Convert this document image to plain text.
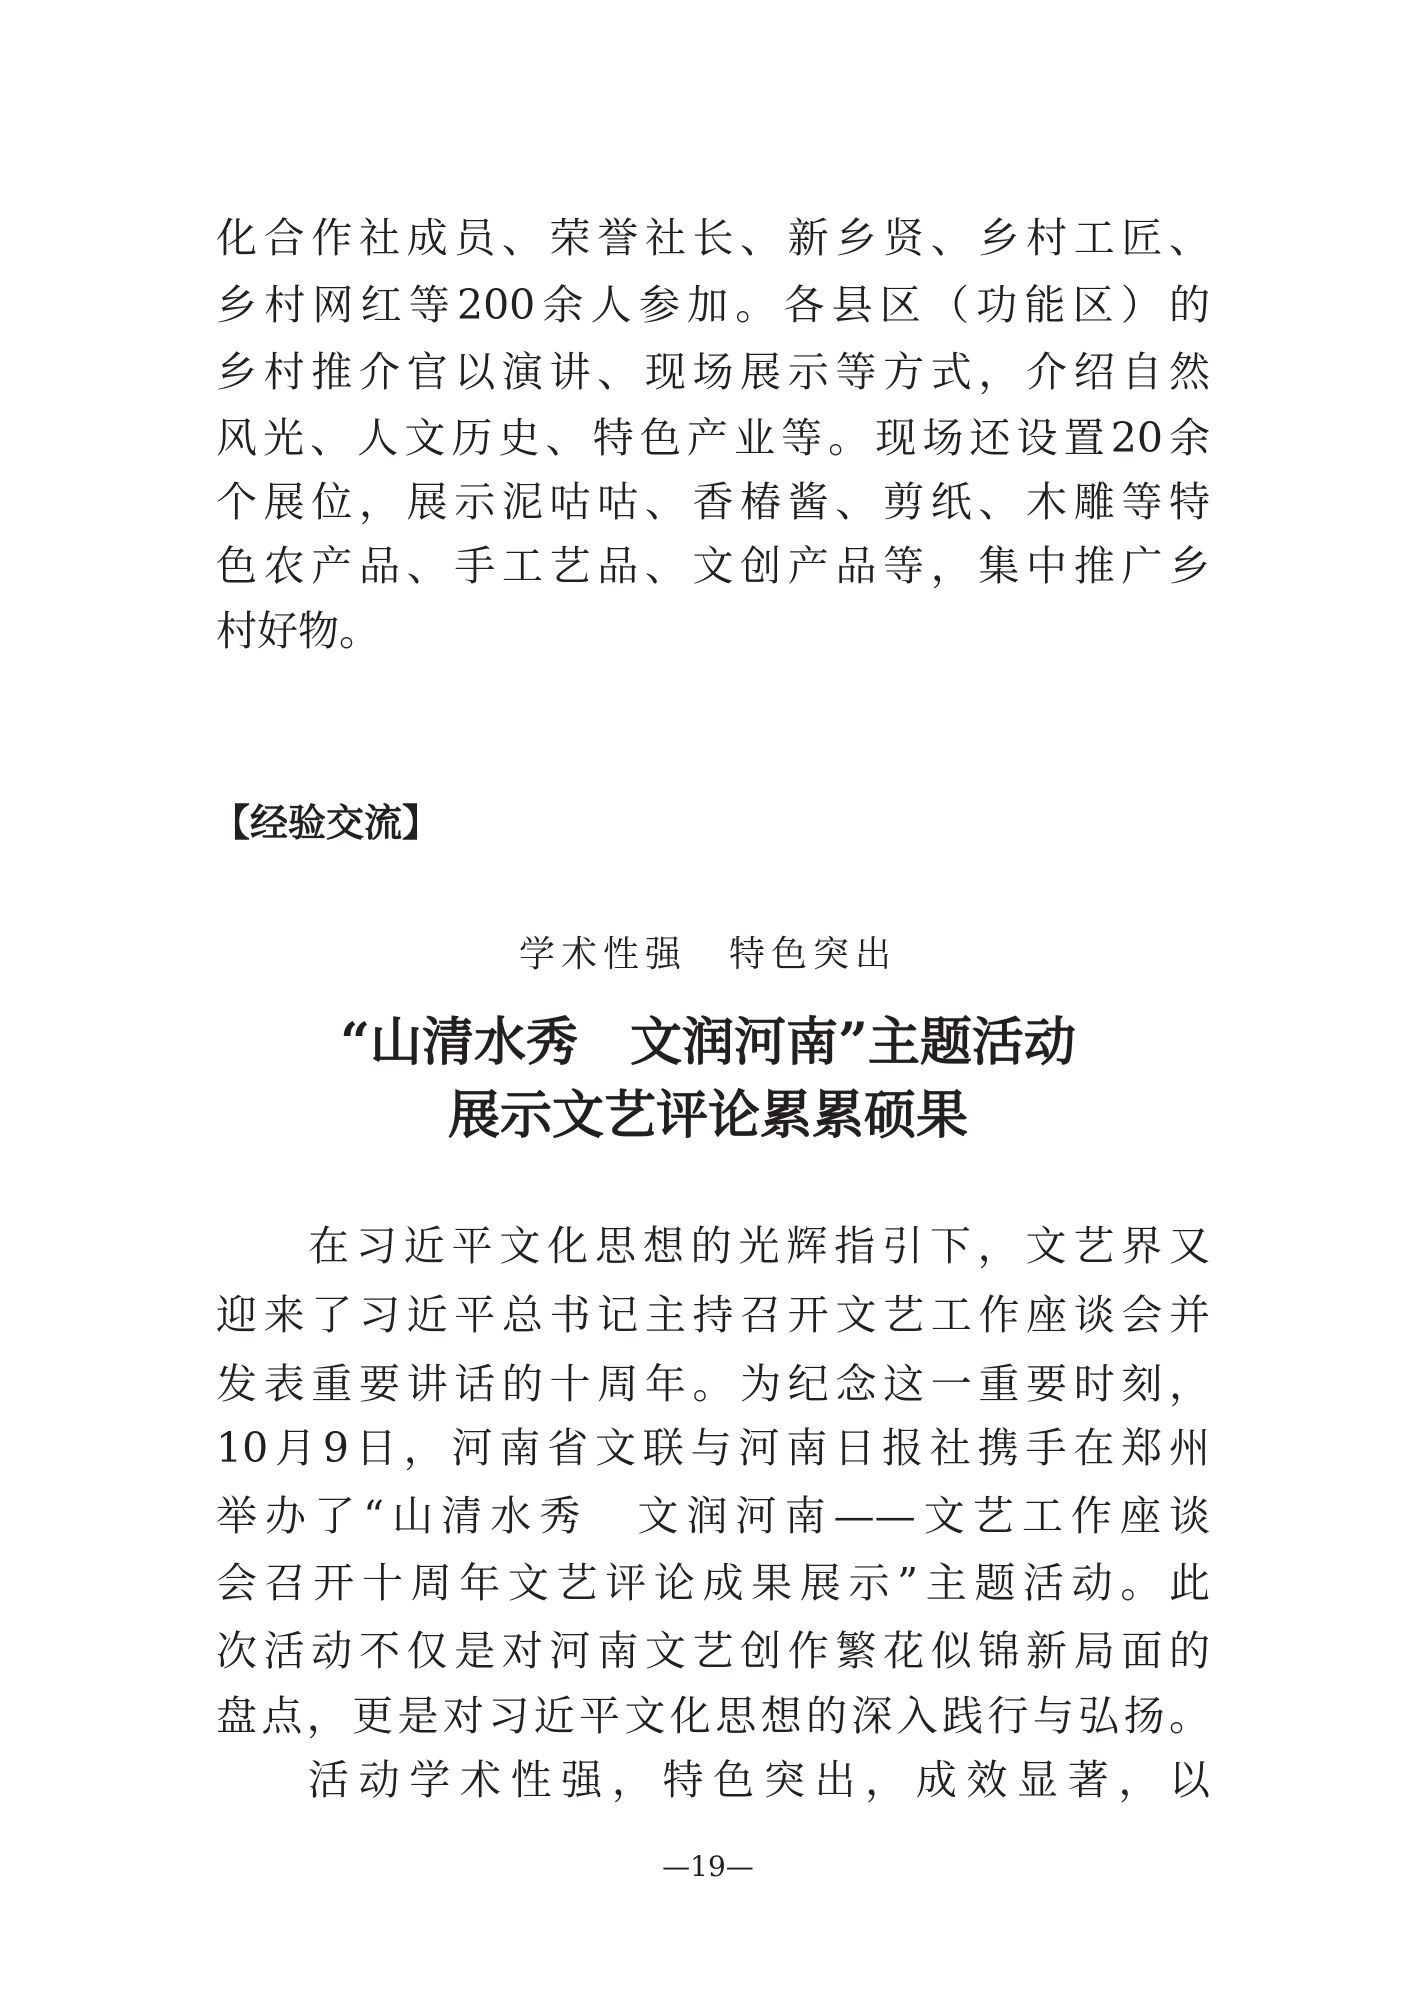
化合作社成员、荣誉社长、新乡贤、乡村工匠、
乡村网红等200余人参加。各县区（功能区）的
乡村推介官以演讲、现场展示等方式，介绍自然
风光、人文历史、特色产业等。现场还设置20余
个展位，展示泥咕咕、香椿酱、剪纸、木雕等特
色农产品、手工艺品、文创产品等，集中推广乡
村好物。
【经验交流】
学术性强　特色突出
“山清水秀　文润河南”主题活动
展示文艺评论累累硕果
在习近平文化思想的光辉指引下，文艺界又
迎来了习近平总书记主持召开文艺工作座谈会并
发表重要讲话的十周年。为纪念这一重要时刻，
10月9日，河南省文联与河南日报社携手在郑州
举办了“山清水秀　文润河南——文艺工作座谈
会召开十周年文艺评论成果展示”主题活动。此
次活动不仅是对河南文艺创作繁花似锦新局面的
盘点，更是对习近平文化思想的深入践行与弘扬。
活动学术性强，特色突出，成效显著，以
—19—
